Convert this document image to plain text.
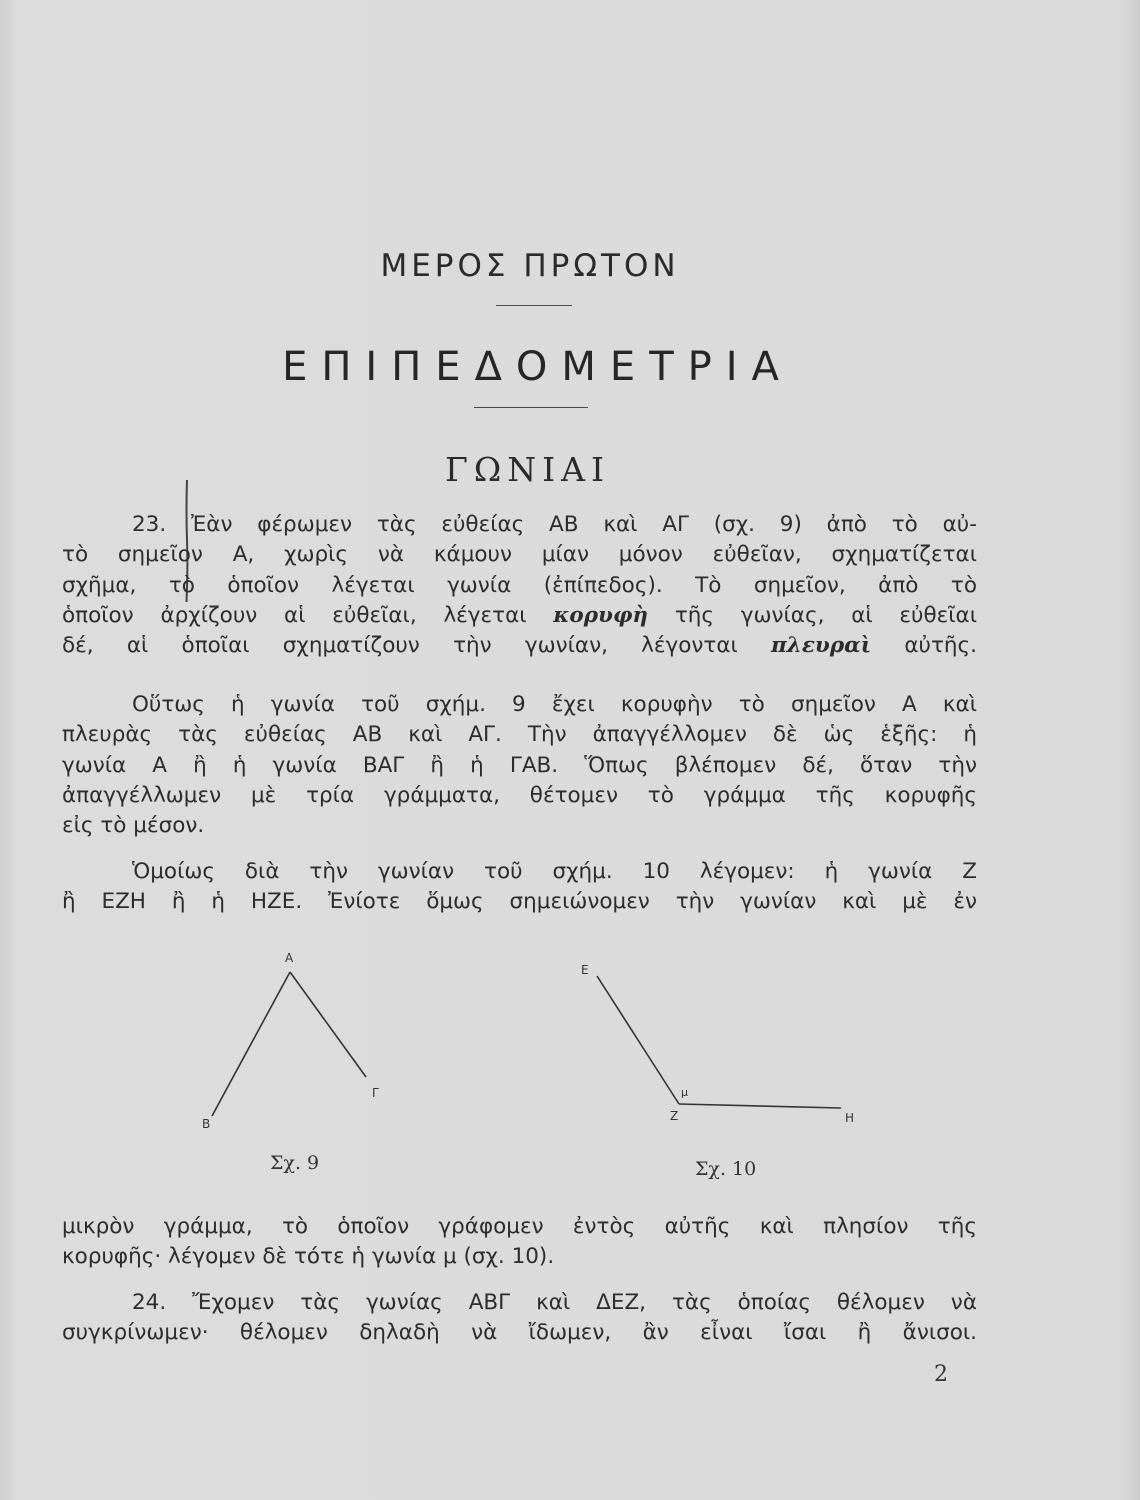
ΜΕΡΟΣ ΠΡΩΤΟΝ
ΕΠΙΠΕΔΟΜΕΤΡΙΑ
ΓΩΝΙΑΙ
23. Ἐὰν φέρωμεν τὰς εὐθείας ΑΒ καὶ ΑΓ (σχ. 9) ἀπὸ τὸ αὐ-
τὸ σημεῖον Α, χωρὶς νὰ κάμουν μίαν μόνον εὐθεῖαν, σχηματίζεται
σχῆμα, τὸ ὁποῖον λέγεται γωνία (ἐπίπεδος). Τὸ σημεῖον, ἀπὸ τὸ
ὁποῖον ἀρχίζουν αἱ εὐθεῖαι, λέγεται κορυφὴ τῆς γωνίας, αἱ εὐθεῖαι
δέ, αἱ ὁποῖαι σχηματίζουν τὴν γωνίαν, λέγονται πλευραὶ αὐτῆς.
Οὕτως ἡ γωνία τοῦ σχήμ. 9 ἔχει κορυφὴν τὸ σημεῖον Α καὶ
πλευρὰς τὰς εὐθείας ΑΒ καὶ ΑΓ. Τὴν ἀπαγγέλλομεν δὲ ὡς ἑξῆς: ἡ
γωνία Α ἢ ἡ γωνία ΒΑΓ ἢ ἡ ΓΑΒ. Ὅπως βλέπομεν δέ, ὅταν τὴν
ἀπαγγέλλωμεν μὲ τρία γράμματα, θέτομεν τὸ γράμμα τῆς κορυφῆς
εἰς τὸ μέσον.
Ὁμοίως διὰ τὴν γωνίαν τοῦ σχήμ. 10 λέγομεν: ἡ γωνία Ζ
ἢ ΕΖΗ ἢ ἡ ΗΖΕ. Ἐνίοτε ὅμως σημειώνομεν τὴν γωνίαν καὶ μὲ ἐν
Α
Β
Γ
Σχ. 9
Ε
Ζ	Η
μ
Σχ. 10
μικρὸν γράμμα, τὸ ὁποῖον γράφομεν ἐντὸς αὐτῆς καὶ πλησίον τῆς
κορυφῆς· λέγομεν δὲ τότε ἡ γωνία μ (σχ. 10).
24. Ἔχομεν τὰς γωνίας ΑΒΓ καὶ ΔΕΖ, τὰς ὁποίας θέλομεν νὰ
συγκρίνωμεν· θέλομεν δηλαδὴ νὰ ἴδωμεν, ἂν εἶναι ἴσαι ἢ ἄνισοι.
2
